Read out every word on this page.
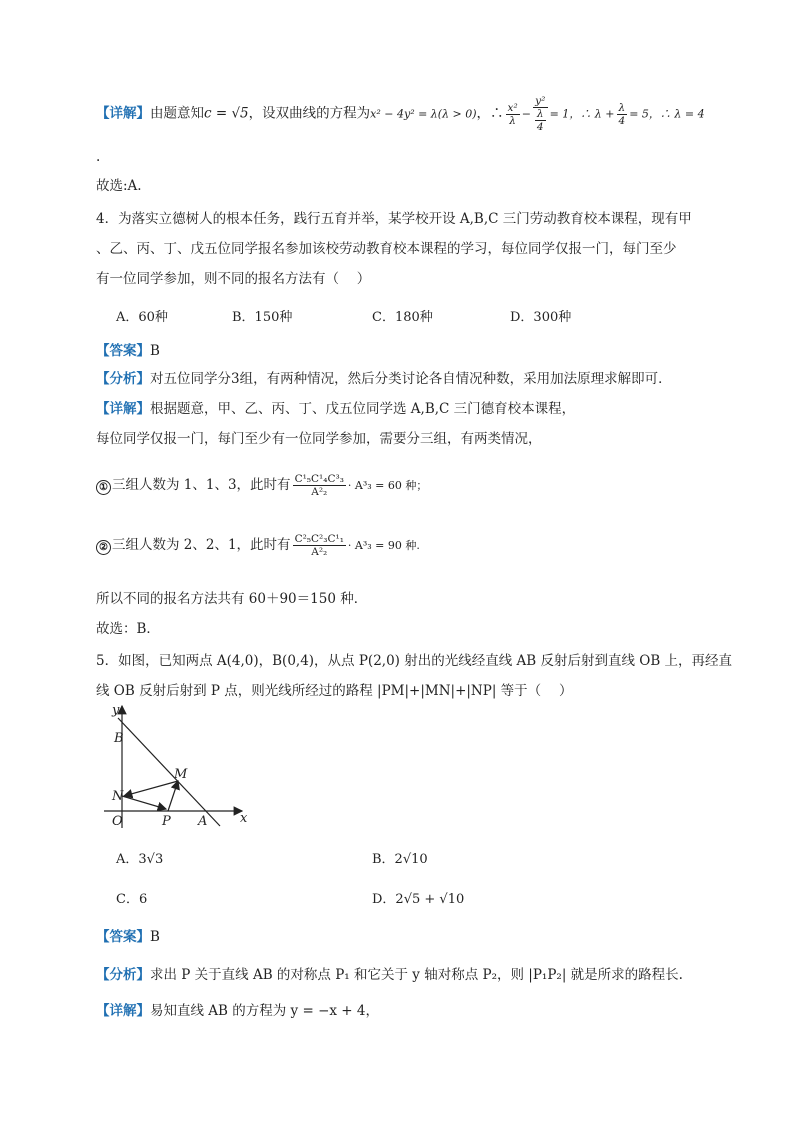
【详解】由题意知c = √5，设双曲线的方程为x² − 4y² = λ(λ > 0)，∴ $\frac{\text{x²}}{\lambda} - \frac{\text{y²}}{\frac{\lambda}{4}} = 1$，∴ $\lambda + \frac{\lambda}{4} = 5$，∴ λ = 4
.
故选:A.
4．为落实立德树人的根本任务，践行五育并举，某学校开设 A,B,C 三门劳动教育校本课程，现有甲
、乙、丙、丁、戊五位同学报名参加该校劳动教育校本课程的学习，每位同学仅报一门，每门至少
有一位同学参加，则不同的报名方法有（　 ）
A．60种	B．150种	C．180种	D．300种
【答案】B
【分析】对五位同学分3组，有两种情况，然后分类讨论各自情况种数，采用加法原理求解即可．
【详解】根据题意，甲、乙、丙、丁、戊五位同学选 A,B,C 三门德育校本课程，
每位同学仅报一门，每门至少有一位同学参加，需要分三组，有两类情况，
① 三组人数为 1、1、3，此时有 $\frac{\text{C¹₅C¹₄C³₃}}{\text{A²₂}} \cdot A^3_3 = 60$ 种；
② 三组人数为 2、2、1，此时有 $\frac{\text{C²₅C²₃C¹₁}}{\text{A²₂}} \cdot A^3_3 = 90$ 种.
所以不同的报名方法共有 60＋90＝150 种．
故选：B．
5．如图，已知两点 A(4,0)，B(0,4)，从点 P(2,0) 射出的光线经直线 AB 反射后射到直线 OB 上，再经直
线 OB 反射后射到 P 点，则光线所经过的路程 |PM|+|MN|+|NP| 等于（　 ）
y
x
B
M
N
O	P A
A．3√3	B．2√10
C．6	D．2√5 + √10
【答案】B
【分析】求出 P 关于直线 AB 的对称点 P₁ 和它关于 y 轴对称点 P₂，则 |P₁P₂| 就是所求的路程长.
【详解】易知直线 AB 的方程为 y = −x + 4，
